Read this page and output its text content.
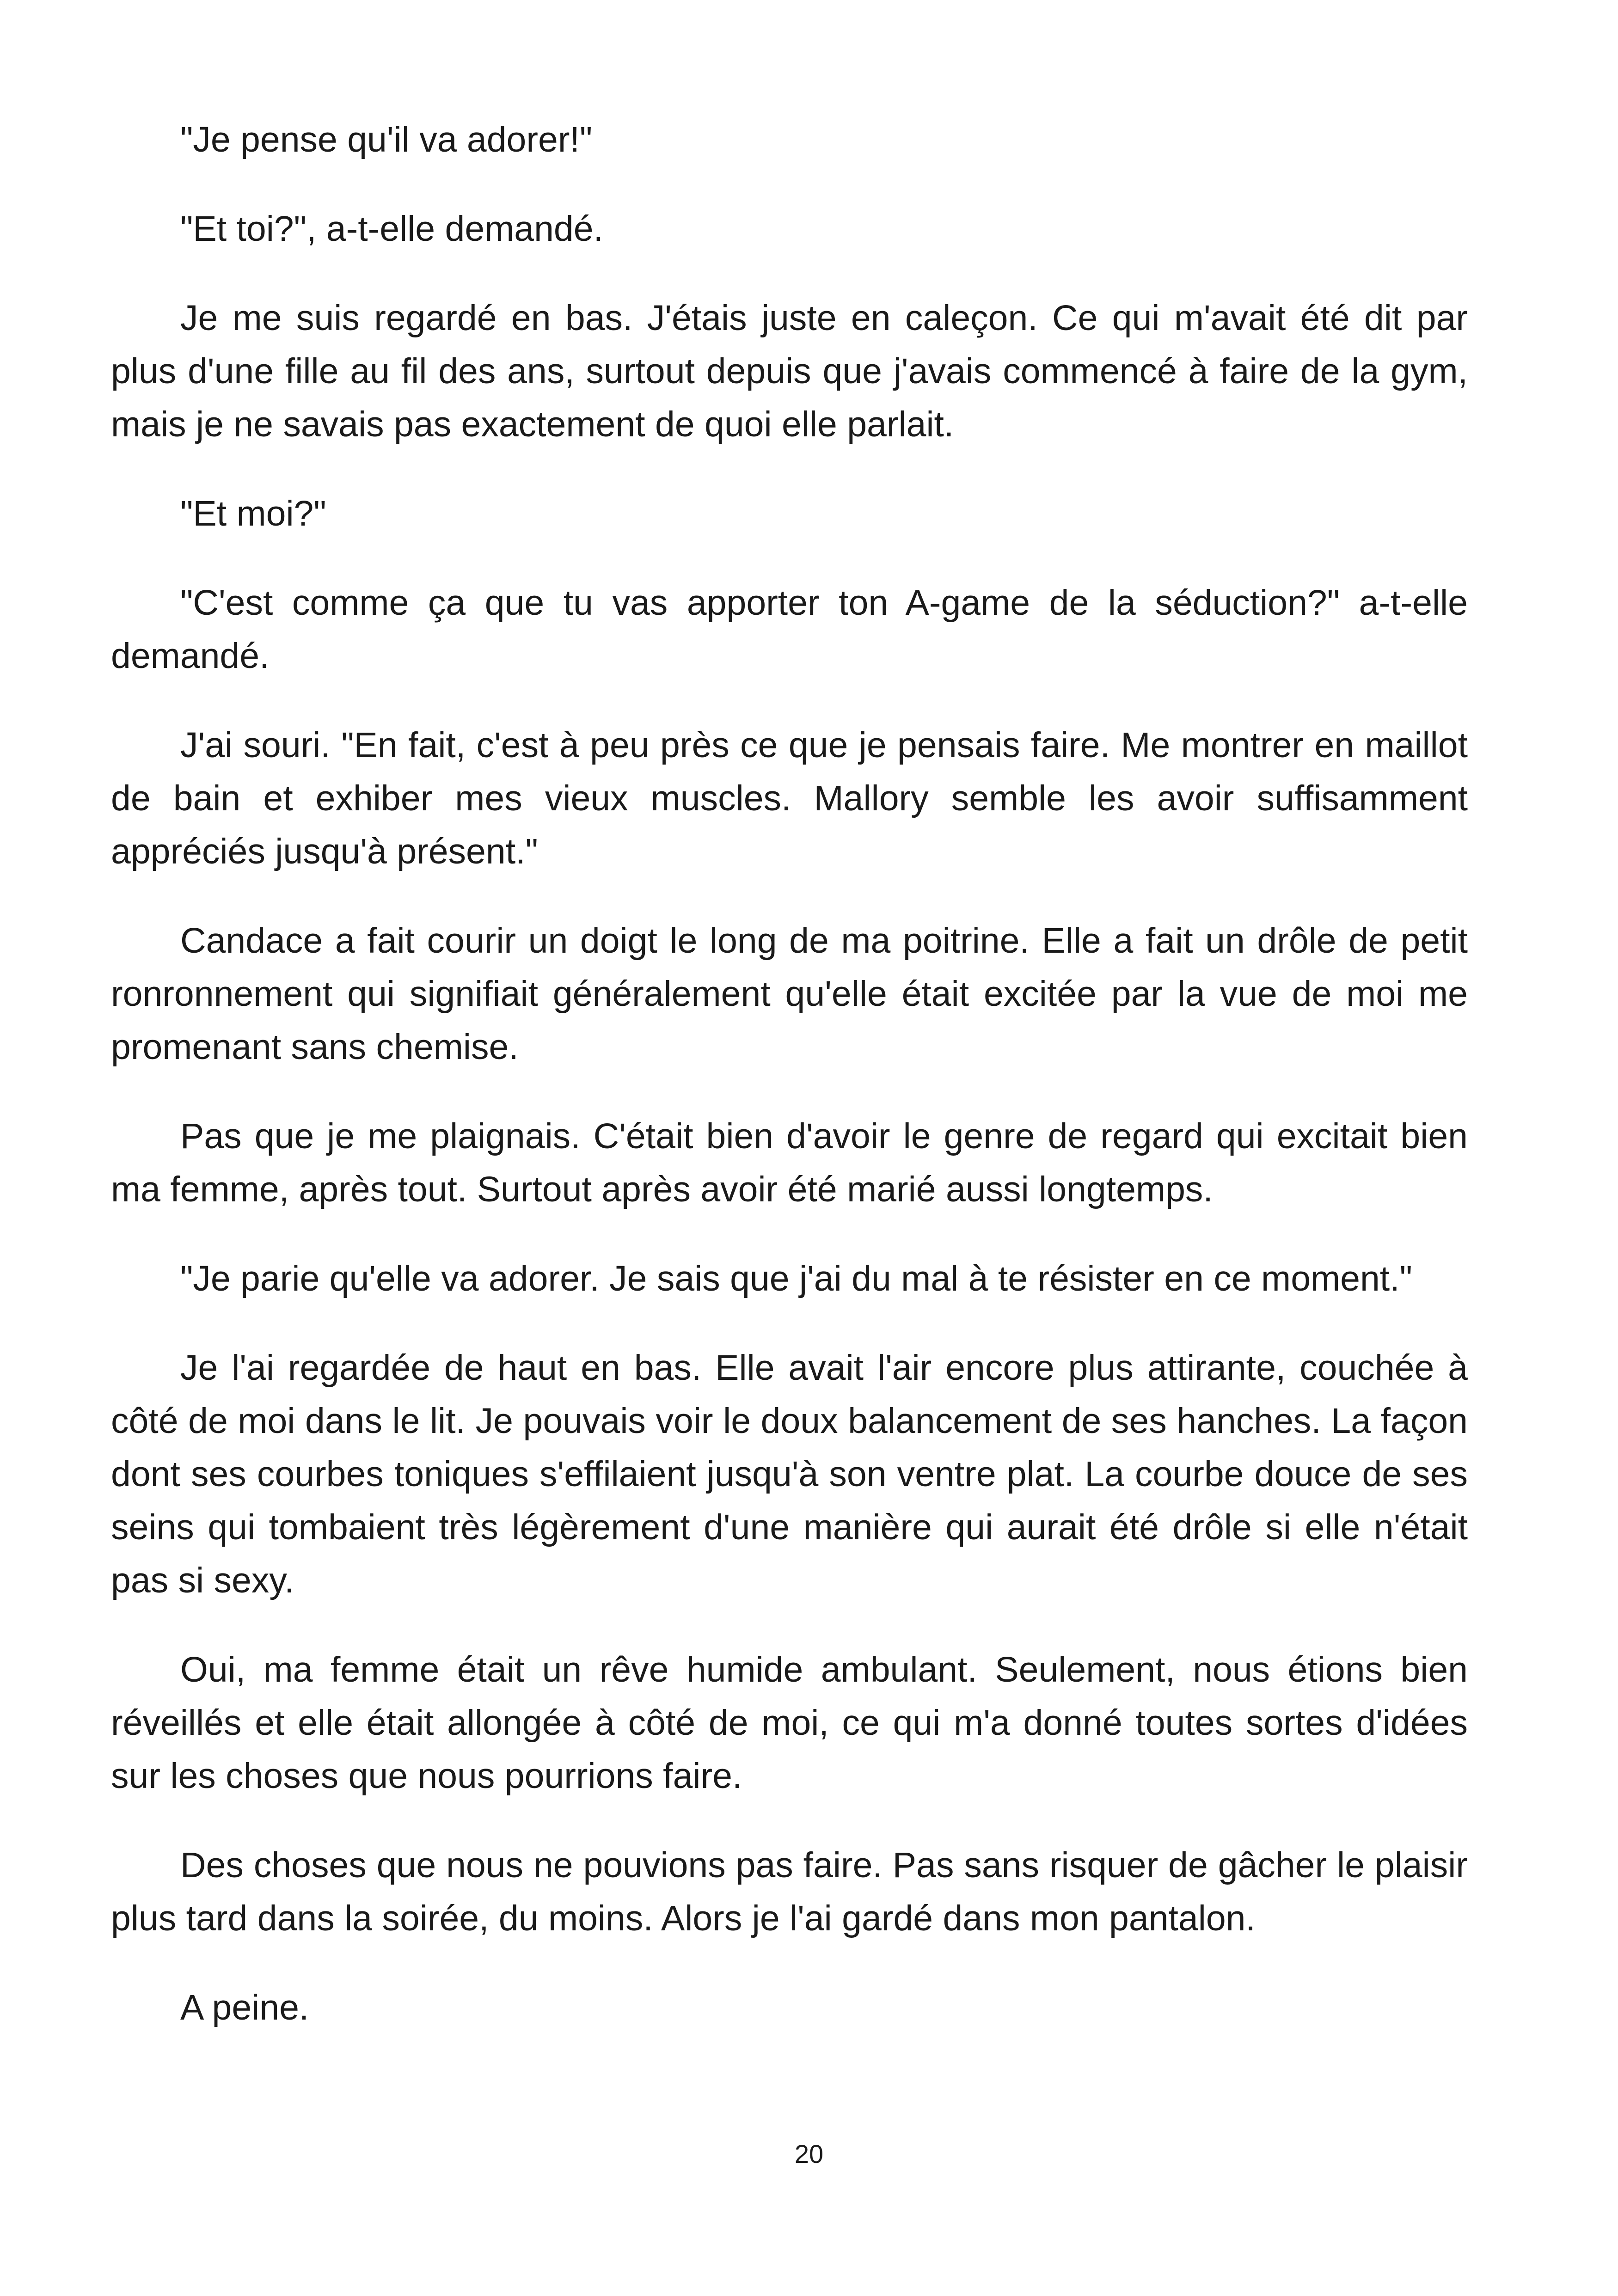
"Je pense qu'il va adorer!"

"Et toi?", a-t-elle demandé.

Je me suis regardé en bas. J'étais juste en caleçon. Ce qui m'avait été dit par plus d'une fille au fil des ans, surtout depuis que j'avais commencé à faire de la gym, mais je ne savais pas exactement de quoi elle parlait.

"Et moi?"

"C'est comme ça que tu vas apporter ton A-game de la séduction?" a-t-elle demandé.

J'ai souri. "En fait, c'est à peu près ce que je pensais faire. Me montrer en maillot de bain et exhiber mes vieux muscles. Mallory semble les avoir suffisamment appréciés jusqu'à présent."

Candace a fait courir un doigt le long de ma poitrine. Elle a fait un drôle de petit ronronnement qui signifiait généralement qu'elle était excitée par la vue de moi me promenant sans chemise.

Pas que je me plaignais. C'était bien d'avoir le genre de regard qui excitait bien ma femme, après tout. Surtout après avoir été marié aussi longtemps.

"Je parie qu'elle va adorer. Je sais que j'ai du mal à te résister en ce moment."

Je l'ai regardée de haut en bas. Elle avait l'air encore plus attirante, couchée à côté de moi dans le lit. Je pouvais voir le doux balancement de ses hanches. La façon dont ses courbes toniques s'effilaient jusqu'à son ventre plat. La courbe douce de ses seins qui tombaient très légèrement d'une manière qui aurait été drôle si elle n'était pas si sexy.

Oui, ma femme était un rêve humide ambulant. Seulement, nous étions bien réveillés et elle était allongée à côté de moi, ce qui m'a donné toutes sortes d'idées sur les choses que nous pourrions faire.

Des choses que nous ne pouvions pas faire. Pas sans risquer de gâcher le plaisir plus tard dans la soirée, du moins. Alors je l'ai gardé dans mon pantalon.

A peine.

20
